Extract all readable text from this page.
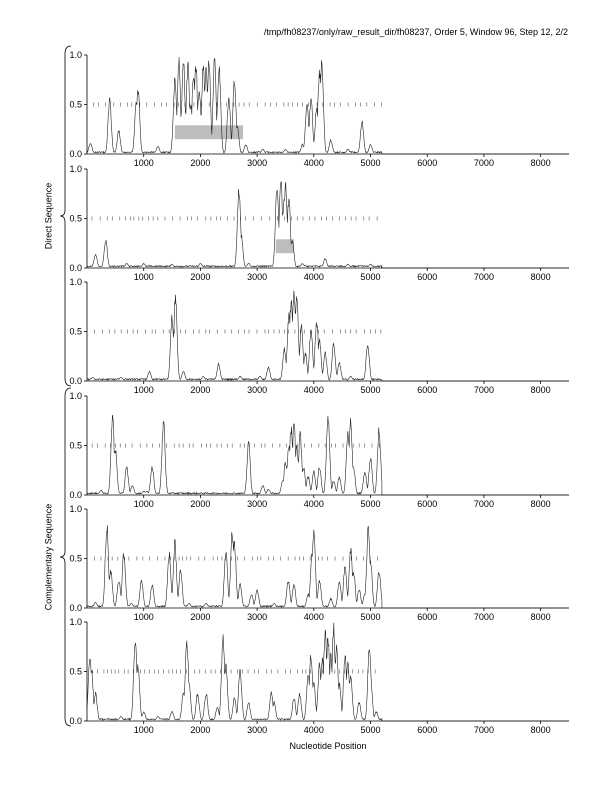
/tmp/fh08237/only/raw_result_dir/fh08237, Order 5, Window 96, Step 12, 2/2
0.0
0.5
1.0
1000	2000	3000	4000	5000	6000	7000	8000
0.0
0.5
1.0
1000	2000	3000	4000	5000	6000	7000	8000
0.0
0.5
1.0
1000	2000	3000	4000	5000	6000	7000	8000
0.0
0.5
1.0
1000	2000	3000	4000	5000	6000	7000	8000
0.0
0.5
1.0
1000	2000	3000	4000	5000	6000	7000	8000
0.0
0.5
1.0
1000	2000	3000	4000	5000	6000	7000	8000
Direct Sequence
Complementary Sequence
Nucleotide Position
